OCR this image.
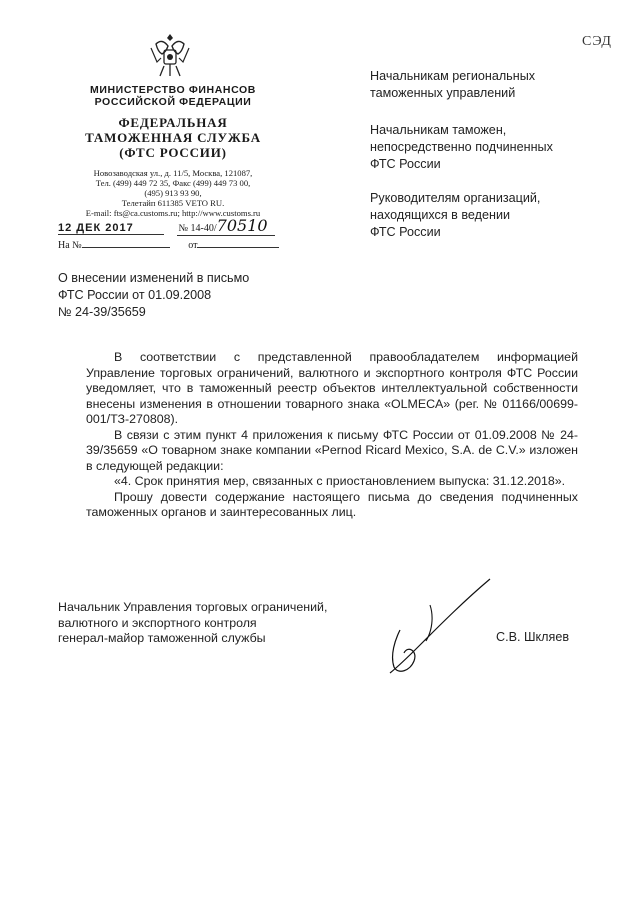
СЭД
МИНИСТЕРСТВО ФИНАНСОВ
РОССИЙСКОЙ ФЕДЕРАЦИИ
ФЕДЕРАЛЬНАЯ
ТАМОЖЕННАЯ СЛУЖБА
(ФТС РОССИИ)
Новозаводская ул., д. 11/5, Москва, 121087,
Тел. (499) 449 72 35, Факс (499) 449 73 00,
(495) 913 93 90,
Телетайп 611385 VETO RU.
E-mail: fts@ca.customs.ru; http://www.customs.ru
12 ДЕК 2017	№ 14-40/70510
На №	от
Начальникам региональных
таможенных управлений
Начальникам таможен,
непосредственно подчиненных
ФТС России
Руководителям организаций,
находящихся в ведении
ФТС России
О внесении изменений в письмо
ФТС России от 01.09.2008
№ 24-39/35659

В соответствии с представленной правообладателем информацией Управление торговых ограничений, валютного и экспортного контроля ФТС России уведомляет, что в таможенный реестр объектов интеллектуальной собственности внесены изменения в отношении товарного знака «OLMECA» (рег. № 01166/00699-001/ТЗ-270808).

В связи с этим пункт 4 приложения к письму ФТС России от 01.09.2008 № 24-39/35659 «О товарном знаке компании «Pernod Ricard Mexico, S.A. de C.V.» изложен в следующей редакции:

«4. Срок принятия мер, связанных с приостановлением выпуска: 31.12.2018».

Прошу довести содержание настоящего письма до сведения подчиненных таможенных органов и заинтересованных лиц.

Начальник Управления торговых ограничений,
валютного и экспортного контроля
генерал-майор таможенной службы	С.В. Шкляев
